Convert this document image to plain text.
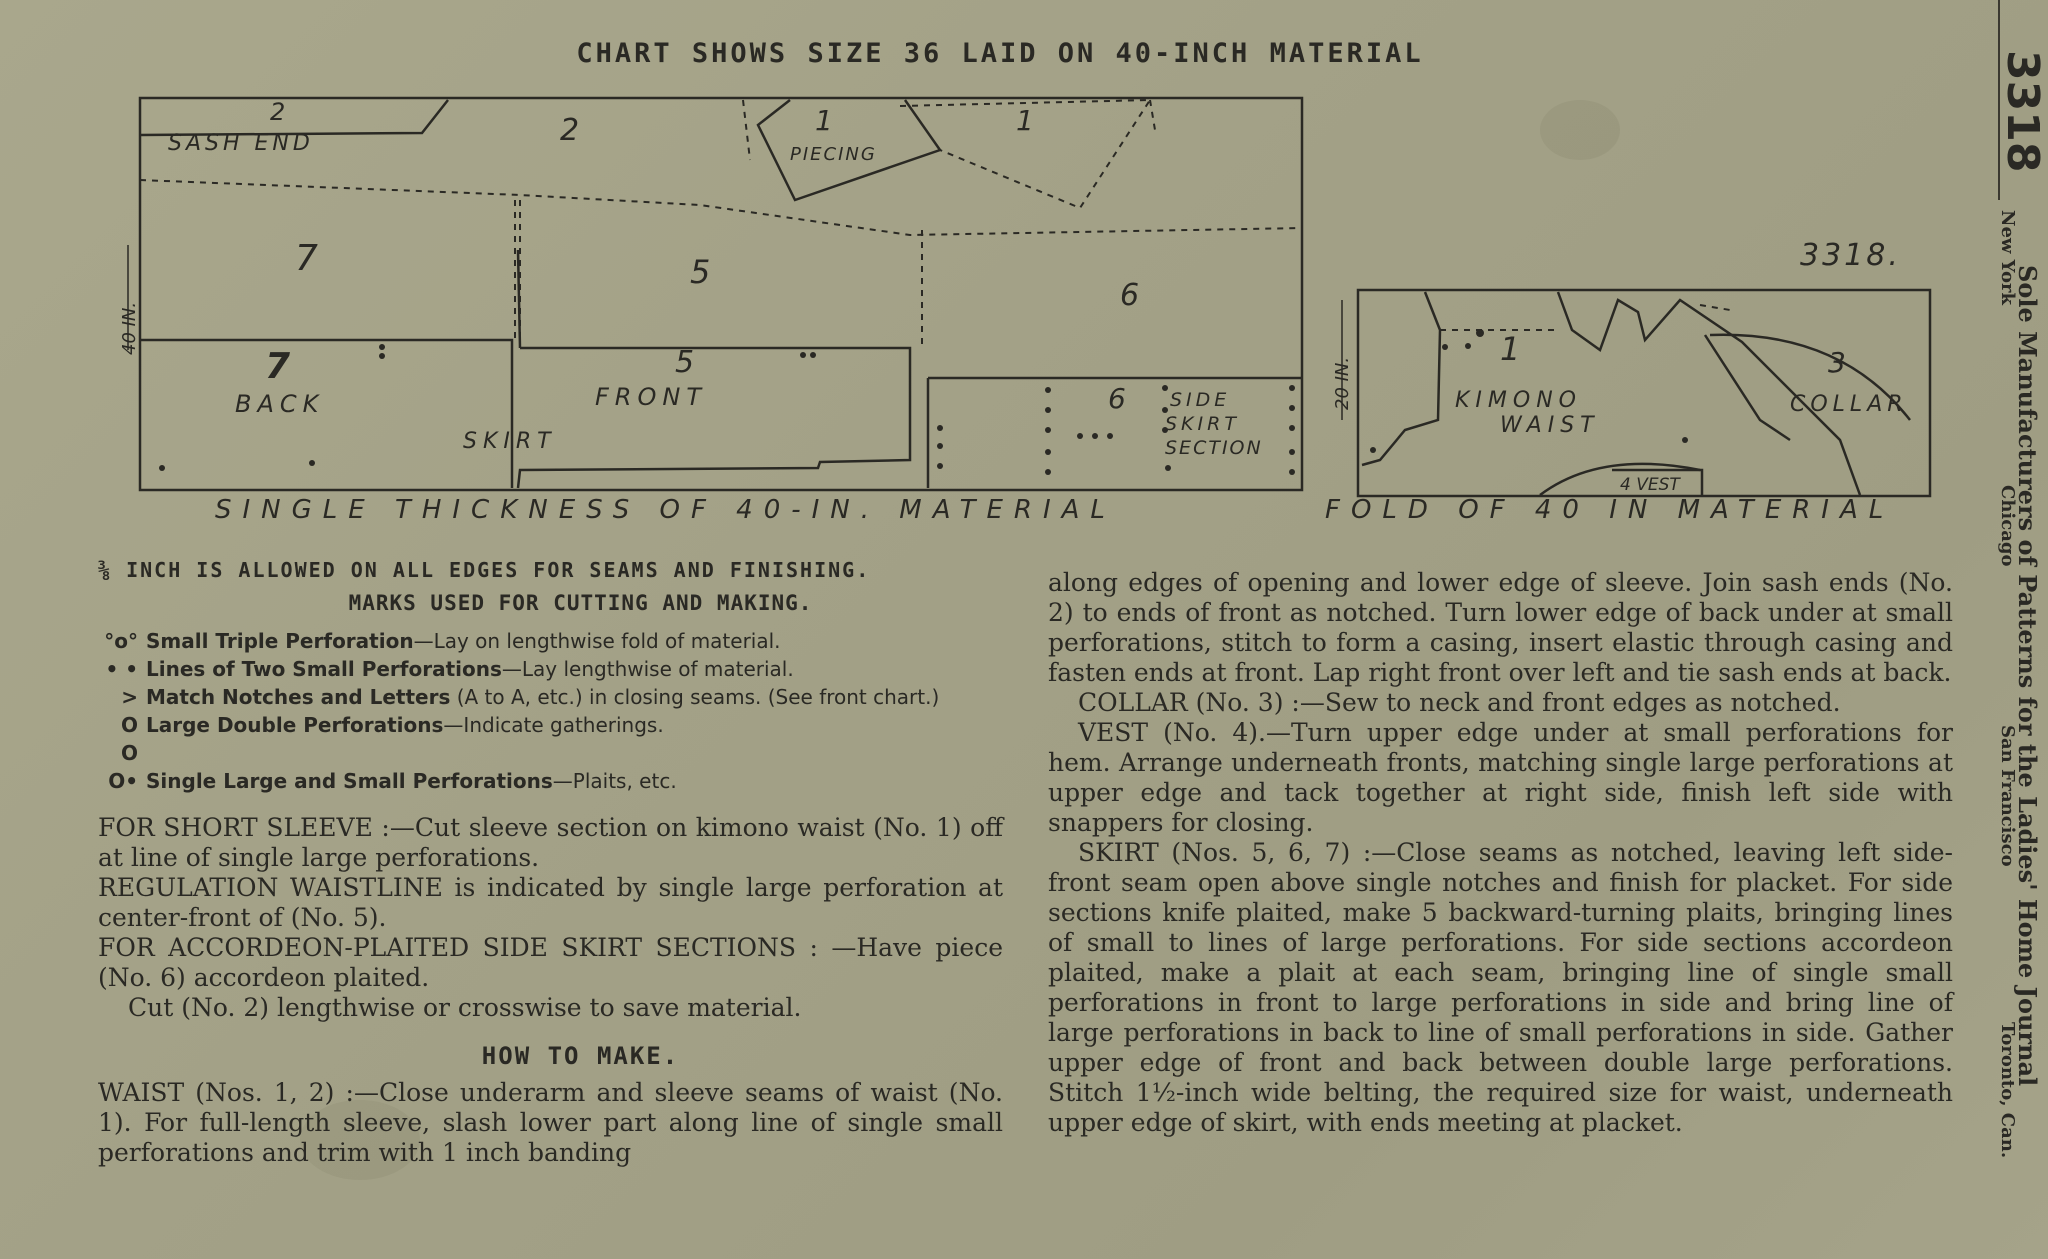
CHART SHOWS SIZE 36 LAID ON 40-INCH MATERIAL
2
SASH END	2	1
PIECING
1
7	5
6
7
BACK
5
FRONT
SKIRT
6 SIDE
SKIRT
SECTION
40 IN.
SINGLE THICKNESS OF 40-IN. MATERIAL
3318.
1
KIMONO
WAIST
3
COLLAR
4 VEST
20 IN.
FOLD OF 40 IN MATERIAL
⅜ INCH IS ALLOWED ON ALL EDGES FOR SEAMS AND FINISHING.
MARKS USED FOR CUTTING AND MAKING.
°o° Small Triple Perforation—Lay on lengthwise fold of material.
• • Lines of Two Small Perforations—Lay lengthwise of material.
> Match Notches and Letters (A to A, etc.) in closing seams. (See front chart.)
O O
Large Double Perforations—Indicate gatherings.
O• Single Large and Small Perforations—Plaits, etc.

FOR SHORT SLEEVE :—Cut sleeve section on kimono waist (No. 1) off at line of single large perforations.

REGULATION WAISTLINE is indicated by single large perforation at center-front of (No. 5).

FOR ACCORDEON-PLAITED SIDE SKIRT SECTIONS : —Have piece (No. 6) accordeon plaited.

Cut (No. 2) lengthwise or crosswise to save material.

HOW TO MAKE.

WAIST (Nos. 1, 2) :—Close underarm and sleeve seams of waist (No. 1). For full-length sleeve, slash lower part along line of single small perforations and trim with 1 inch banding

along edges of opening and lower edge of sleeve. Join sash ends (No. 2) to ends of front as notched. Turn lower edge of back under at small perforations, stitch to form a casing, insert elastic through casing and fasten ends at front. Lap right front over left and tie sash ends at back.

COLLAR (No. 3) :—Sew to neck and front edges as notched.

VEST (No. 4).—Turn upper edge under at small perforations for hem. Arrange underneath fronts, matching single large perforations at upper edge and tack together at right side, finish left side with snappers for closing.

SKIRT (Nos. 5, 6, 7) :—Close seams as notched, leaving left side-front seam open above single notches and finish for placket. For side sections knife plaited, make 5 backward-turning plaits, bringing lines of small to lines of large perforations. For side sections accordeon plaited, make a plait at each seam, bringing line of single small perforations in front to large perforations in side and bring line of large perforations in back to line of small perforations in side. Gather upper edge of front and back between double large perforations. Stitch 1½-inch wide belting, the required size for waist, underneath upper edge of skirt, with ends meeting at placket.

3318
Sole Manufacturers of Patterns for the Ladies' Home Journal
New York
Chicago
San Francisco
Toronto, Can.
